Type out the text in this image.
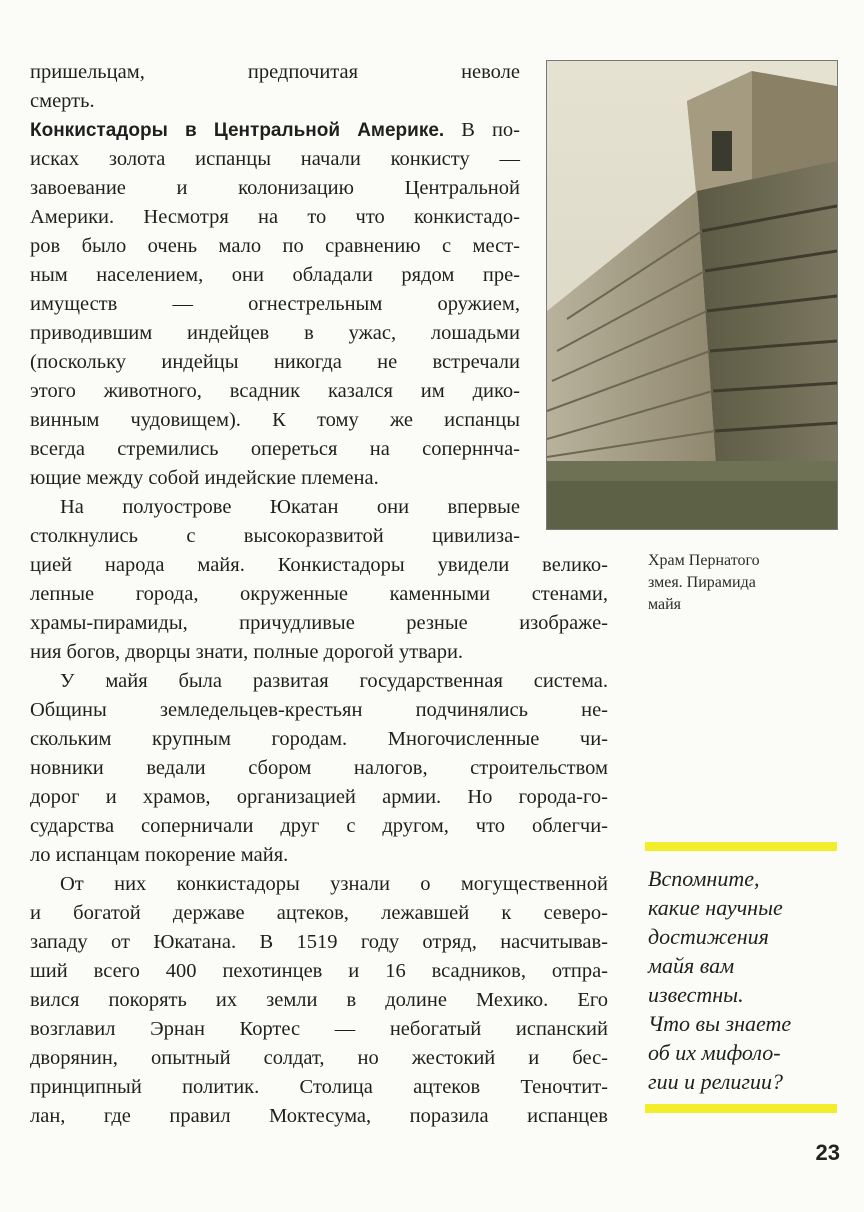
пришельцам, предпочитая неволе
смерть.
Конкистадоры в Центральной Америке. В по-
исках золота испанцы начали конкисту —
завоевание и колонизацию Центральной
Америки. Несмотря на то что конкистадо-
ров было очень мало по сравнению с мест-
ным населением, они обладали рядом пре-
имуществ — огнестрельным оружием,
приводившим индейцев в ужас, лошадьми
(поскольку индейцы никогда не встречали
этого животного, всадник казался им дико-
винным чудовищем). К тому же испанцы
всегда стремились опереться на соперннча-
ющие между собой индейские племена.
На полуострове Юкатан они впервые
столкнулись с высокоразвитой цивилиза-
цией народа майя. Конкистадоры увидели велико-
лепные города, окруженные каменными стенами,
храмы-пирамиды, причудливые резные изображе-
ния богов, дворцы знати, полные дорогой утвари.
У майя была развитая государственная система.
Общины земледельцев-крестьян подчинялись не-
скольким крупным городам. Многочисленные чи-
новники ведали сбором налогов, строительством
дорог и храмов, организацией армии. Но города-го-
сударства соперничали друг с другом, что облегчи-
ло испанцам покорение майя.
От них конкистадоры узнали о могущественной
и богатой державе ацтеков, лежавшей к северо-
западу от Юкатана. В 1519 году отряд, насчитывав-
ший всего 400 пехотинцев и 16 всадников, отпра-
вился покорять их земли в долине Мехико. Его
возглавил Эрнан Кортес — небогатый испанский
дворянин, опытный солдат, но жестокий и бес-
принципный политик. Столица ацтеков Теночтит-
лан, где правил Моктесума, поразила испанцев
Храм Пернатого
змея. Пирамида
майя
Вспомните,
какие научные
достижения
майя вам
известны.
Что вы знаете
об их мифоло-
гии и религии?
23
